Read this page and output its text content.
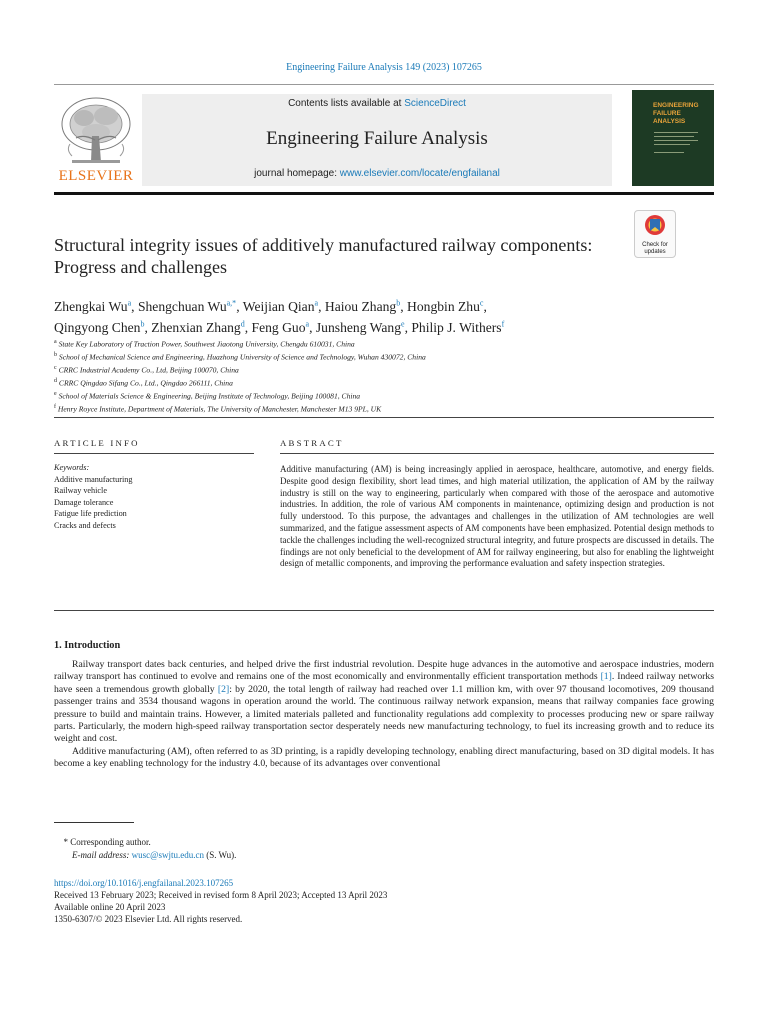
Engineering Failure Analysis 149 (2023) 107265
ELSEVIER
Contents lists available at ScienceDirect
Engineering Failure Analysis
journal homepage: www.elsevier.com/locate/engfailanal
ENGINEERING
FAILURE
ANALYSIS
Structural integrity issues of additively manufactured railway components: Progress and challenges
Check for
updates
Zhengkai Wu$^a$, Shengchuan $Wu^{a,*}$, Weijian Qian$^a$, Haiou Zhang$^b$, Hongbin Zhu$^c$,
Qingyong Chen$^b$, Zhenxian Zhang$^d$, Feng Guo$^a$, Junsheng Wang$^e$, Philip J. Withers$^f$
$^a$ State Key Laboratory of Traction Power, Southwest Jiaotong University, Chengdu 610031, China
$^b$ School of Mechanical Science and Engineering, Huazhong University of Science and Technology, Wuhan 430072, China
$^c$ CRRC Industrial Academy Co., Ltd, Beijing 100070, China
$^d$ CRRC Qingdao Sifang Co., Ltd., Qingdao 266111, China
$^e$ School of Materials Science & Engineering, Beijing Institute of Technology, Beijing 100081, China
$^f$ Henry Royce Institute, Department of Materials, The University of Manchester, Manchester M13 9PL, UK
ARTICLE INFO
Keywords:
Additive manufacturing
Railway vehicle
Damage tolerance
Fatigue life prediction
Cracks and defects
ABSTRACT
Additive manufacturing (AM) is being increasingly applied in aerospace, healthcare, automotive, and energy fields. Despite good design flexibility, short lead times, and high material utilization, the application of AM by the railway industry is still on the way to engineering, particularly when compared with those of the aerospace and automotive industries. In addition, the role of various AM components in maintenance, optimizing design and production is not fully understood. To this purpose, the advantages and challenges in the utilization of AM technologies are well summarized, and the fatigue assessment aspects of AM components have been emphasized. Potential design methods to tackle the challenges including the well-recognized structural integrity, and future prospects are discussed in details. The findings are not only beneficial to the development of AM for railway engineering, but also for enabling the lightweight design of metallic components, and improving the performance evaluation and safety inspection strategies.
1. Introduction

Railway transport dates back centuries, and helped drive the first industrial revolution. Despite huge advances in the automotive and aerospace industries, modern railway transport has continued to evolve and remains one of the most economically and environmentally efficient transportation methods [1]. Indeed railway networks have seen a tremendous growth globally [2]: by 2020, the total length of railway had reached over 1.1 million km, with over 97 thousand locomotives, 209 thousand passenger trains and 3534 thousand wagons in operation around the world. The continuous railway network expansion, means that railway companies face growing pressure to build and maintain trains. However, a limited materials palleted and functionality regulations add complexity to processes producing new or spare railway parts. Particularly, the modern high-speed railway transportation sector desperately needs new manufacturing technology, to fuel its increasing growth and to reduce its weight and cost.

Additive manufacturing (AM), often referred to as 3D printing, is a rapidly developing technology, enabling direct manufacturing, based on 3D digital models. It has become a key enabling technology for the industry 4.0, because of its advantages over conventional

* Corresponding author.
E-mail address: wusc@swjtu.edu.cn (S. Wu).
https://doi.org/10.1016/j.engfailanal.2023.107265
Received 13 February 2023; Received in revised form 8 April 2023; Accepted 13 April 2023
Available online 20 April 2023
1350-6307/© 2023 Elsevier Ltd. All rights reserved.
